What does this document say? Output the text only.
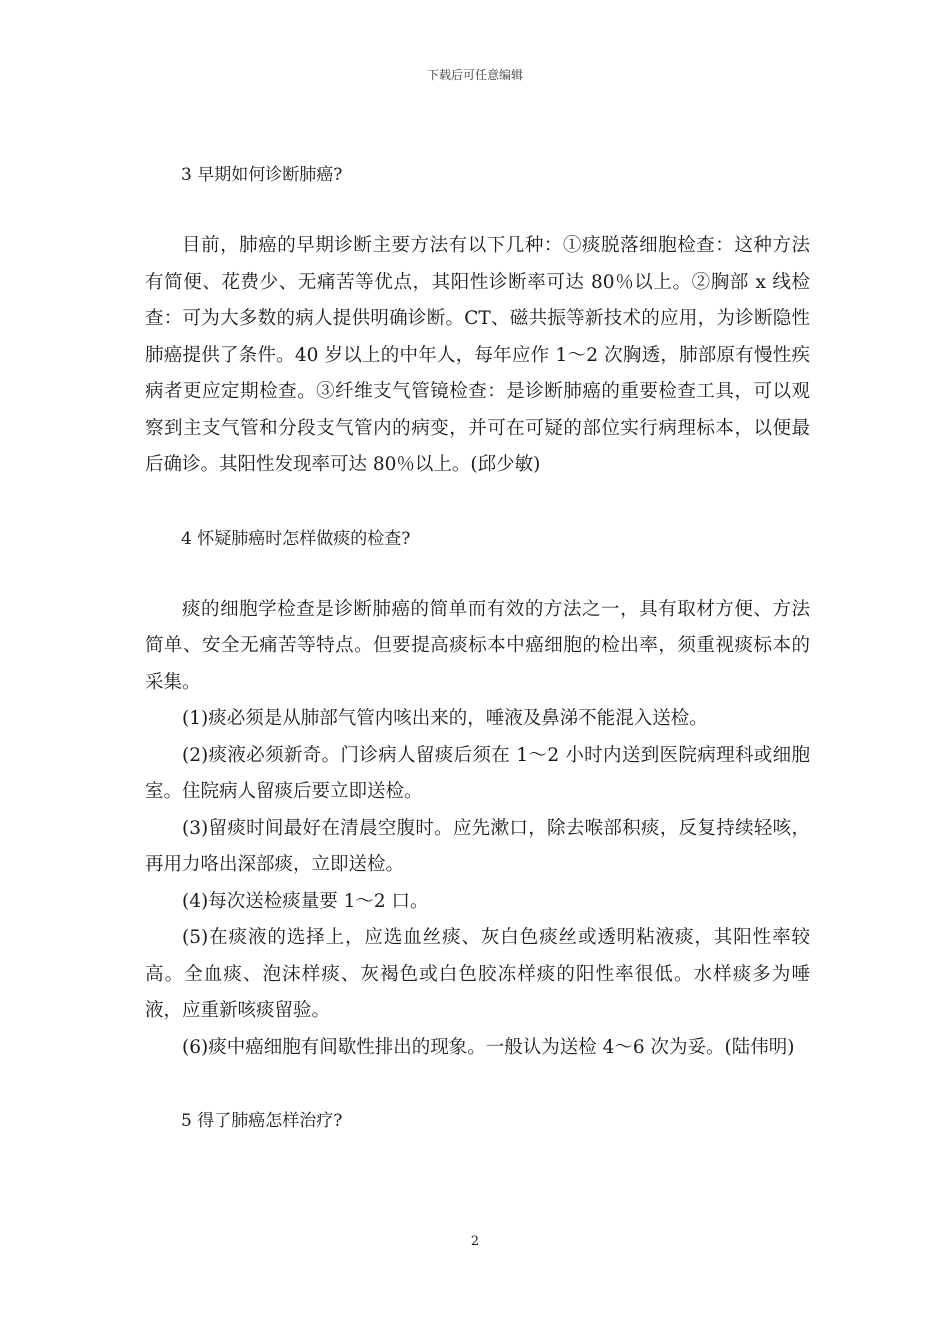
下载后可任意编辑

3 早期如何诊断肺癌?

目前，肺癌的早期诊断主要方法有以下几种：①痰脱落细胞检查：这种方法有简便、花费少、无痛苦等优点，其阳性诊断率可达 80％以上。②胸部 x 线检查：可为大多数的病人提供明确诊断。CT、磁共振等新技术的应用，为诊断隐性肺癌提供了条件。40 岁以上的中年人，每年应作 1～2 次胸透，肺部原有慢性疾病者更应定期检查。③纤维支气管镜检查：是诊断肺癌的重要检查工具，可以观察到主支气管和分段支气管内的病变，并可在可疑的部位实行病理标本，以便最后确诊。其阳性发现率可达 80％以上。(邱少敏)

4 怀疑肺癌时怎样做痰的检查?

痰的细胞学检查是诊断肺癌的简单而有效的方法之一，具有取材方便、方法简单、安全无痛苦等特点。但要提高痰标本中癌细胞的检出率，须重视痰标本的采集。

(1)痰必须是从肺部气管内咳出来的，唾液及鼻涕不能混入送检。

(2)痰液必须新奇。门诊病人留痰后须在 1～2 小时内送到医院病理科或细胞室。住院病人留痰后要立即送检。

(3)留痰时间最好在清晨空腹时。应先漱口，除去喉部积痰，反复持续轻咳，再用力咯出深部痰，立即送检。

(4)每次送检痰量要 1～2 口。

(5)在痰液的选择上，应选血丝痰、灰白色痰丝或透明粘液痰，其阳性率较高。全血痰、泡沫样痰、灰褐色或白色胶冻样痰的阳性率很低。水样痰多为唾液，应重新咳痰留验。

(6)痰中癌细胞有间歇性排出的现象。一般认为送检 4～6 次为妥。(陆伟明)

5 得了肺癌怎样治疗?

2
